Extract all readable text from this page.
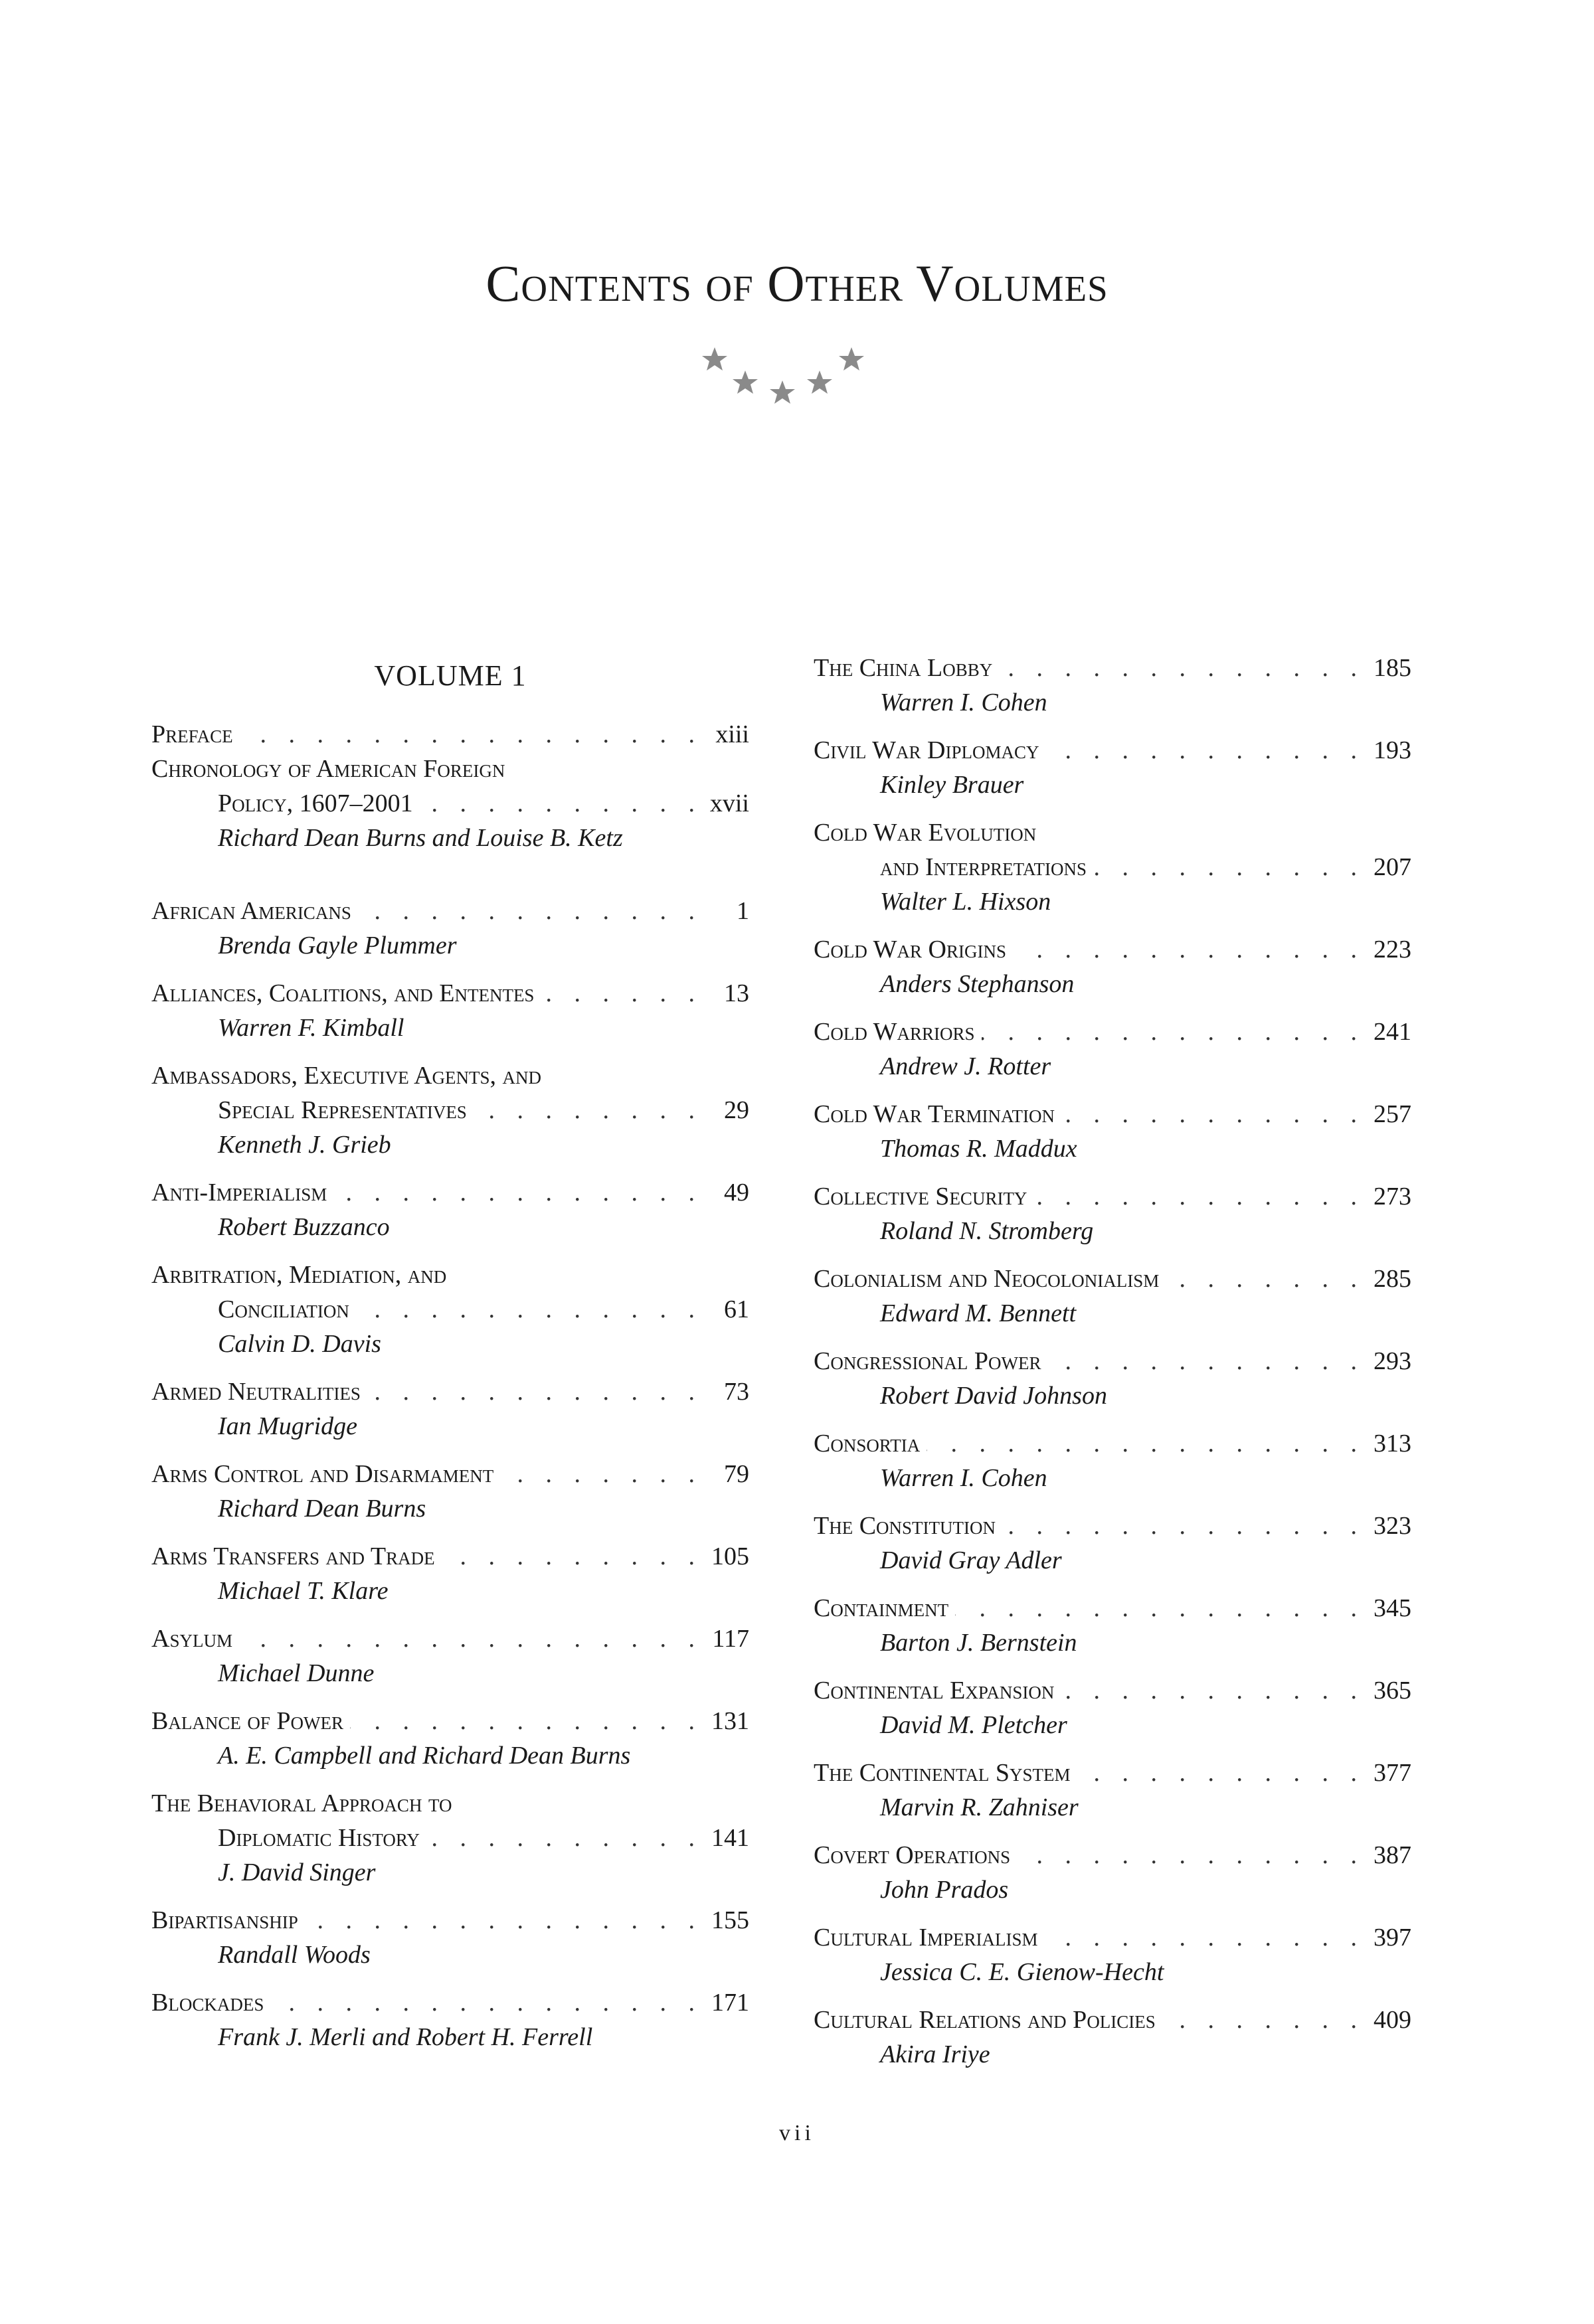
Contents of Other Volumes
VOLUME 1
Preface . . .	xiii
Chronology of American Foreign
Policy, 1607–2001 . . .	xvii
Richard Dean Burns and Louise B. Ketz
African Americans . . .	1
Brenda Gayle Plummer
Alliances, Coalitions, and Ententes . . .	13
Warren F. Kimball
Ambassadors, Executive Agents, and
Special Representatives . . .	29
Kenneth J. Grieb
Anti-Imperialism . . .	49
Robert Buzzanco
Arbitration, Mediation, and
Conciliation . . .	61
Calvin D. Davis
Armed Neutralities . . .	73
Ian Mugridge
Arms Control and Disarmament . . .	79
Richard Dean Burns
Arms Transfers and Trade . . .	105
Michael T. Klare
Asylum . . .	117
Michael Dunne
Balance of Power . . .	131
A. E. Campbell and Richard Dean Burns
The Behavioral Approach to
Diplomatic History . . .	141
J. David Singer
Bipartisanship . . .	155
Randall Woods
Blockades . . .	171
Frank J. Merli and Robert H. Ferrell
The China Lobby . . .	185
Warren I. Cohen
Civil War Diplomacy . . .	193
Kinley Brauer
Cold War Evolution
and Interpretations . . .	207
Walter L. Hixson
Cold War Origins . . .	223
Anders Stephanson
Cold Warriors . . .	241
Andrew J. Rotter
Cold War Termination . . .	257
Thomas R. Maddux
Collective Security . . .	273
Roland N. Stromberg
Colonialism and Neocolonialism . . .	285
Edward M. Bennett
Congressional Power . . .	293
Robert David Johnson
Consortia . . .	313
Warren I. Cohen
The Constitution . . .	323
David Gray Adler
Containment . . .	345
Barton J. Bernstein
Continental Expansion . . .	365
David M. Pletcher
The Continental System . . .	377
Marvin R. Zahniser
Covert Operations . . .	387
John Prados
Cultural Imperialism . . .	397
Jessica C. E. Gienow-Hecht
Cultural Relations and Policies . . .	409
Akira Iriye
vii
